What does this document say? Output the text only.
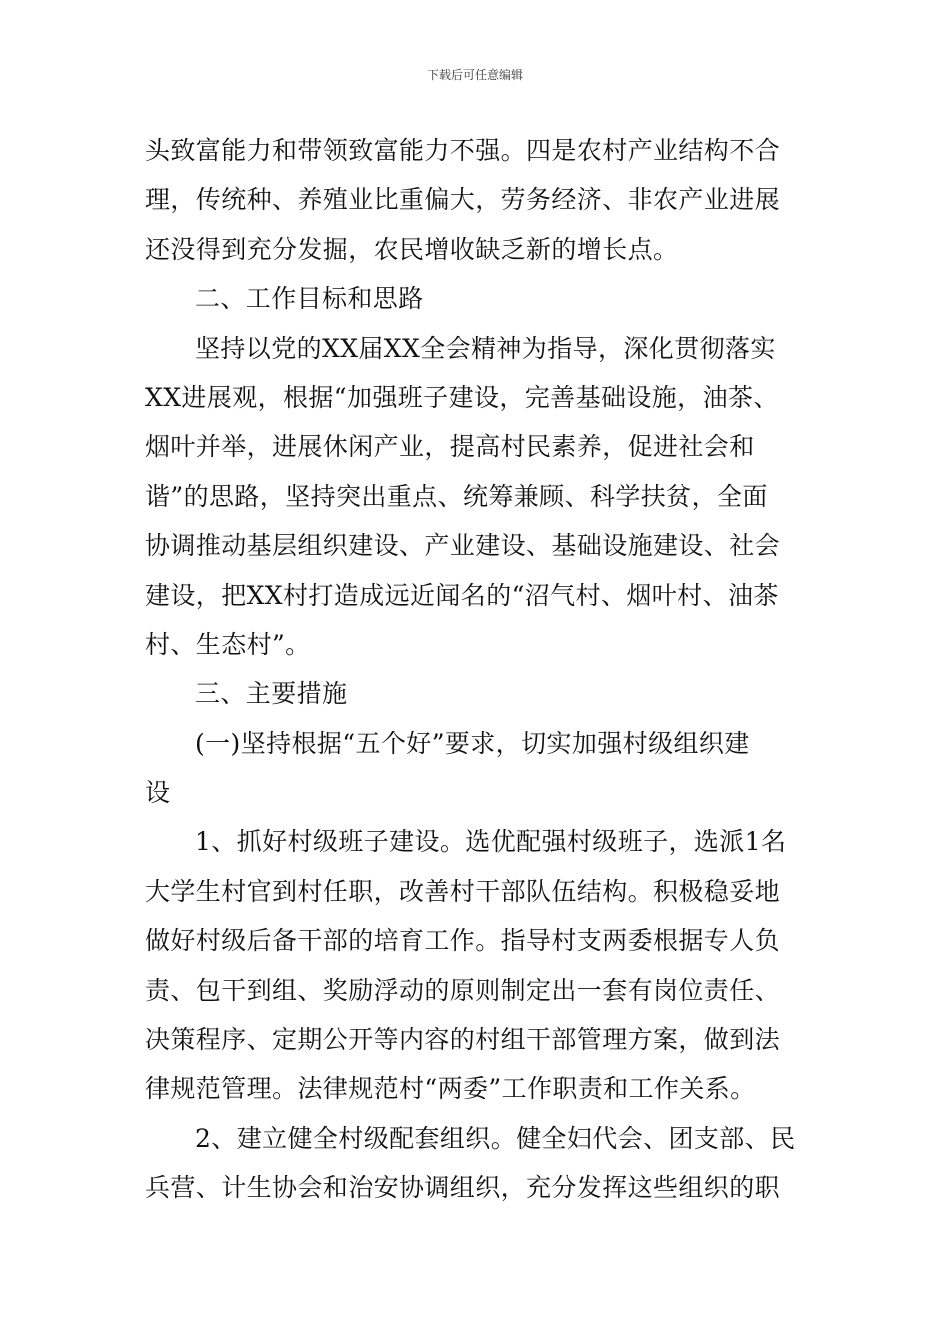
下载后可任意编辑
头致富能力和带领致富能力不强。四是农村产业结构不合
理，传统种、养殖业比重偏大，劳务经济、非农产业进展
还没得到充分发掘，农民增收缺乏新的增长点。
二、工作目标和思路
坚持以党的XX届XX全会精神为指导，深化贯彻落实
XX进展观，根据“加强班子建设，完善基础设施，油茶、
烟叶并举，进展休闲产业，提高村民素养，促进社会和
谐”的思路，坚持突出重点、统筹兼顾、科学扶贫，全面
协调推动基层组织建设、产业建设、基础设施建设、社会
建设，把XX村打造成远近闻名的“沼气村、烟叶村、油茶
村、生态村”。
三、主要措施
(一)坚持根据“五个好”要求，切实加强村级组织建
设
1、抓好村级班子建设。选优配强村级班子，选派1名
大学生村官到村任职，改善村干部队伍结构。积极稳妥地
做好村级后备干部的培育工作。指导村支两委根据专人负
责、包干到组、奖励浮动的原则制定出一套有岗位责任、
决策程序、定期公开等内容的村组干部管理方案，做到法
律规范管理。法律规范村“两委”工作职责和工作关系。
2、建立健全村级配套组织。健全妇代会、团支部、民
兵营、计生协会和治安协调组织，充分发挥这些组织的职
